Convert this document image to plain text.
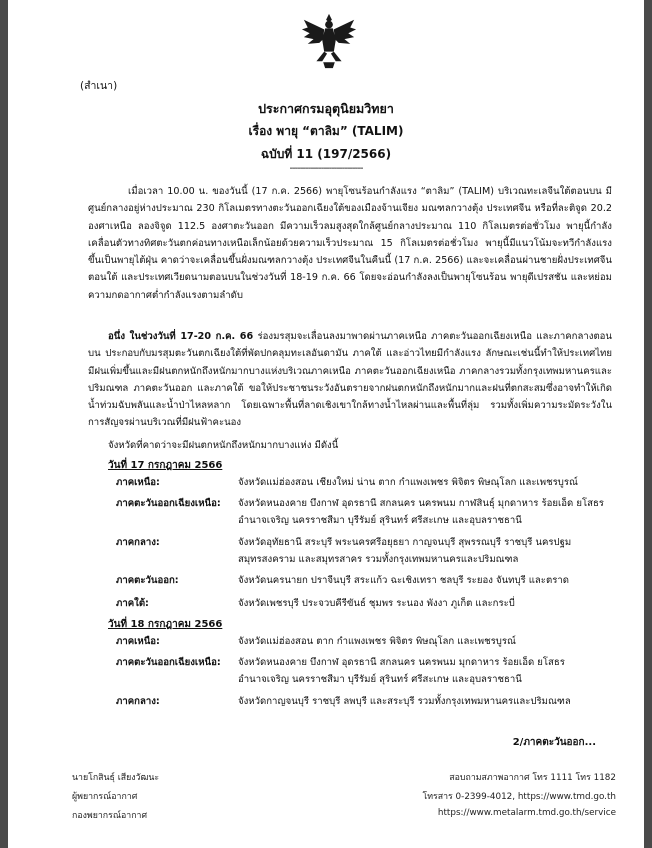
(สำเนา)
ประกาศกรมอุตุนิยมวิทยา
เรื่อง พายุ “ตาลิม” (TALIM)
ฉบับที่ 11 (197/2566)
----------------------------
เมื่อเวลา 10.00 น. ของวันนี้ (17 ก.ค. 2566) พายุโซนร้อนกำลังแรง “ตาลิม” (TALIM) บริเวณทะเลจีนใต้ตอนบน มีศูนย์กลางอยู่ห่างประมาณ 230 กิโลเมตรทางตะวันออกเฉียงใต้ของเมืองจ้านเจียง มณฑลกวางตุ้ง ประเทศจีน หรือที่ละติจูด 20.2 องศาเหนือ ลองจิจูด 112.5 องศาตะวันออก มีความเร็วลมสูงสุดใกล้ศูนย์กลางประมาณ 110 กิโลเมตรต่อชั่วโมง พายุนี้กำลังเคลื่อนตัวทางทิศตะวันตกค่อนทางเหนือเล็กน้อยด้วยความเร็วประมาณ 15 กิโลเมตรต่อชั่วโมง พายุนี้มีแนวโน้มจะทวีกำลังแรงขึ้นเป็นพายุไต้ฝุ่น คาดว่าจะเคลื่อนขึ้นฝั่งมณฑลกวางตุ้ง ประเทศจีนในคืนนี้ (17 ก.ค. 2566) และจะเคลื่อนผ่านชายฝั่งประเทศจีนตอนใต้ และประเทศเวียดนามตอนบนในช่วงวันที่ 18-19 ก.ค. 66 โดยจะอ่อนกำลังลงเป็นพายุโซนร้อน พายุดีเปรสชัน และหย่อมความกดอากาศต่ำกำลังแรงตามลำดับ
อนึ่ง ในช่วงวันที่ 17-20 ก.ค. 66 ร่องมรสุมจะเลื่อนลงมาพาดผ่านภาคเหนือ ภาคตะวันออกเฉียงเหนือ และภาคกลางตอนบน ประกอบกับมรสุมตะวันตกเฉียงใต้ที่พัดปกคลุมทะเลอันดามัน ภาคใต้ และอ่าวไทยมีกำลังแรง ลักษณะเช่นนี้ทำให้ประเทศไทยมีฝนเพิ่มขึ้นและมีฝนตกหนักถึงหนักมากบางแห่งบริเวณภาคเหนือ ภาคตะวันออกเฉียงเหนือ ภาคกลางรวมทั้งกรุงเทพมหานครและปริมณฑล ภาคตะวันออก และภาคใต้ ขอให้ประชาชนระวังอันตรายจากฝนตกหนักถึงหนักมากและฝนที่ตกสะสมซึ่งอาจทำให้เกิดน้ำท่วมฉับพลันและน้ำป่าไหลหลาก โดยเฉพาะพื้นที่ลาดเชิงเขาใกล้ทางน้ำไหลผ่านและพื้นที่ลุ่ม รวมทั้งเพิ่มความระมัดระวังในการสัญจรผ่านบริเวณที่มีฝนฟ้าคะนอง
จังหวัดที่คาดว่าจะมีฝนตกหนักถึงหนักมากบางแห่ง มีดังนี้
วันที่ 17 กรกฎาคม 2566
ภาคเหนือ:	จังหวัดแม่ฮ่องสอน เชียงใหม่ น่าน ตาก กำแพงเพชร พิจิตร พิษณุโลก และเพชรบูรณ์
ภาคตะวันออกเฉียงเหนือ:	จังหวัดหนองคาย บึงกาฬ อุดรธานี สกลนคร นครพนม กาฬสินธุ์ มุกดาหาร ร้อยเอ็ด ยโสธร อำนาจเจริญ นครราชสีมา บุรีรัมย์ สุรินทร์ ศรีสะเกษ และอุบลราชธานี
ภาคกลาง:	จังหวัดอุทัยธานี สระบุรี พระนครศรีอยุธยา กาญจนบุรี สุพรรณบุรี ราชบุรี นครปฐม สมุทรสงคราม และสมุทรสาคร รวมทั้งกรุงเทพมหานครและปริมณฑล
ภาคตะวันออก:	จังหวัดนครนายก ปราจีนบุรี สระแก้ว ฉะเชิงเทรา ชลบุรี ระยอง จันทบุรี และตราด
ภาคใต้:	จังหวัดเพชรบุรี ประจวบคีรีขันธ์ ชุมพร ระนอง พังงา ภูเก็ต และกระบี่
วันที่ 18 กรกฎาคม 2566
ภาคเหนือ:	จังหวัดแม่ฮ่องสอน ตาก กำแพงเพชร พิจิตร พิษณุโลก และเพชรบูรณ์
ภาคตะวันออกเฉียงเหนือ:	จังหวัดหนองคาย บึงกาฬ อุดรธานี สกลนคร นครพนม มุกดาหาร ร้อยเอ็ด ยโสธร อำนาจเจริญ นครราชสีมา บุรีรัมย์ สุรินทร์ ศรีสะเกษ และอุบลราชธานี
ภาคกลาง:	จังหวัดกาญจนบุรี ราชบุรี ลพบุรี และสระบุรี รวมทั้งกรุงเทพมหานครและปริมณฑล
2/ภาคตะวันออก...
นายโกสินธุ์ เสียงวัฒนะ
ผู้พยากรณ์อากาศ
กองพยากรณ์อากาศ
สอบถามสภาพอากาศ โทร 1111 โทร 1182
โทรสาร 0-2399-4012, https://www.tmd.go.th
https://www.metalarm.tmd.go.th/service
